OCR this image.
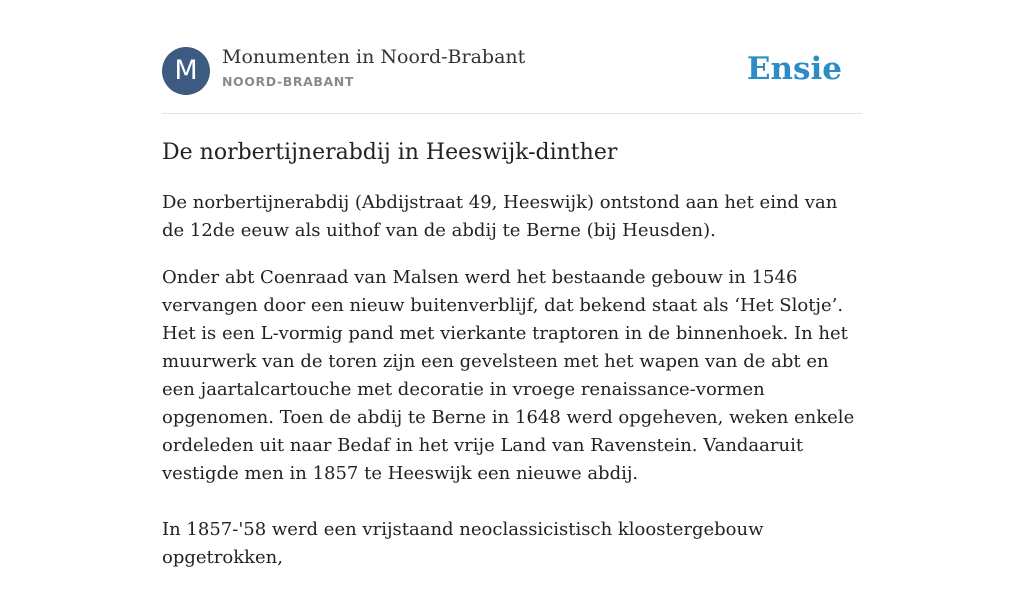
M	Monumenten in Noord-Brabant
NOORD-BRABANT	Ensie
De norbertijnerabdij in Heeswijk-dinther

De norbertijnerabdij (Abdijstraat 49, Heeswijk) ontstond aan het eind van de 12de eeuw als uithof van de abdij te Berne (bij Heusden).

Onder abt Coenraad van Malsen werd het bestaande gebouw in 1546 vervangen door een nieuw buitenverblijf, dat bekend staat als ‘Het Slotje’. Het is een L-vormig pand met vierkante traptoren in de binnenhoek. In het muurwerk van de toren zijn een gevelsteen met het wapen van de abt en een jaartalcartouche met decoratie in vroege renaissance-vormen opgenomen. Toen de abdij te Berne in 1648 werd opgeheven, weken enkele ordeleden uit naar Bedaf in het vrije Land van Ravenstein. Vandaaruit vestigde men in 1857 te Heeswijk een nieuwe abdij.

In 1857-'58 werd een vrijstaand neoclassicistisch kloostergebouw opgetrokken,
